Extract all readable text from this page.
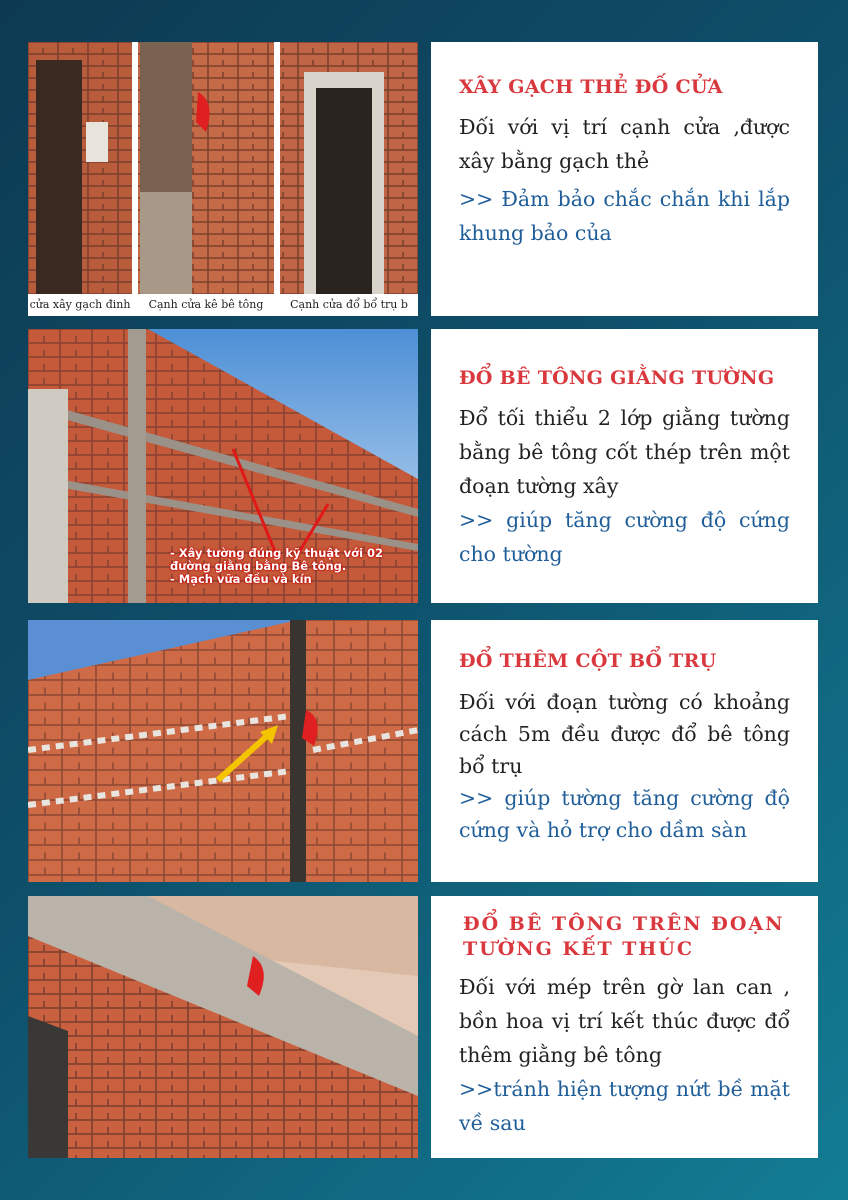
cửa xây gạch đinh	Cạnh cửa kê bê tông	Cạnh cửa đổ bổ trụ b
XÂY GẠCH THẺ ĐỐ CỬA

Đối với vị trí cạnh cửa ,được xây bằng gạch thẻ

>> Đảm bảo chắc chắn khi lắp khung bảo của

- Xây tường đúng kỹ thuật với 02
đường giằng bằng Bê tông.
- Mạch vữa đều và kín
ĐỔ BÊ TÔNG GIẰNG TƯỜNG

Đổ tối thiểu 2 lớp giằng tường bằng bê tông cốt thép trên một đoạn tường xây

>> giúp tăng cường độ cứng cho tường

ĐỔ THÊM CỘT BỔ TRỤ

Đối với đoạn tường có khoảng cách 5m đều được đổ bê tông bổ trụ

>> giúp tường tăng cường độ cứng và hỏ trợ cho dầm sàn

ĐỔ BÊ TÔNG TRÊN ĐOẠN
TƯỜNG KẾT THÚC

Đối với mép trên gờ lan can , bồn hoa vị trí kết thúc được đổ thêm giằng bê tông

>>tránh hiện tượng nứt bề mặt về sau
